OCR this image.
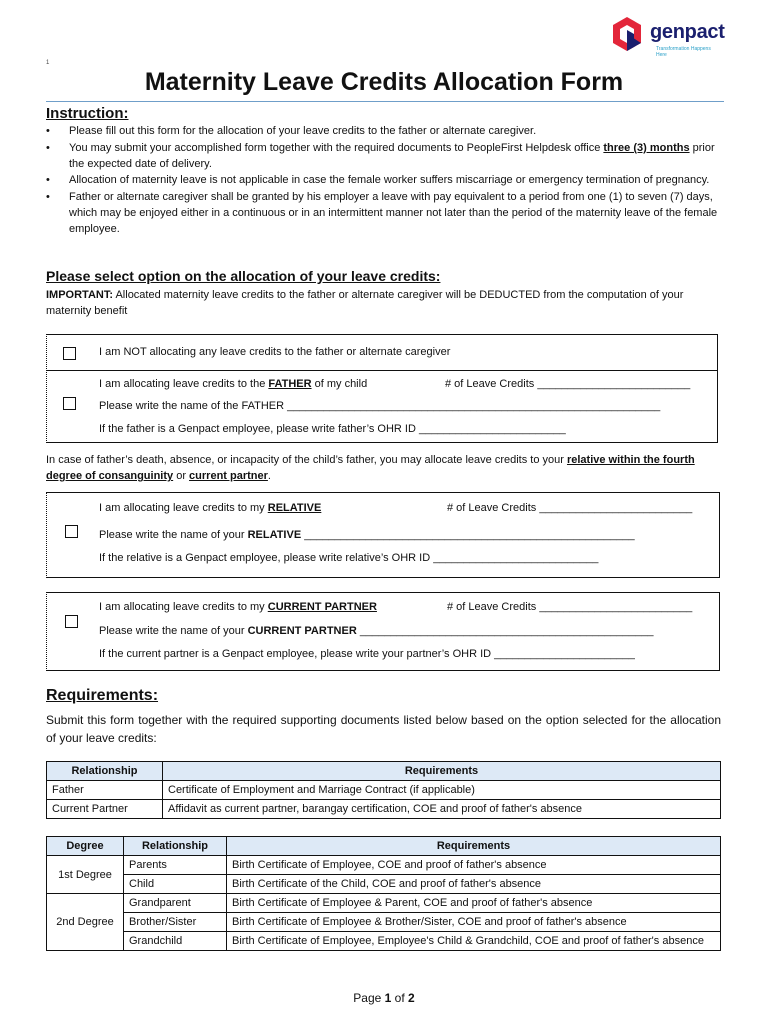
genpact
Transformation Happens Here
1
Maternity Leave Credits Allocation Form
Instruction:
• Please fill out this form for the allocation of your leave credits to the father or alternate caregiver.
• You may submit your accomplished form together with the required documents to PeopleFirst Helpdesk office three (3) months prior the expected date of delivery.
• Allocation of maternity leave is not applicable in case the female worker suffers miscarriage or emergency termination of pregnancy.
• Father or alternate caregiver shall be granted by his employer a leave with pay equivalent to a period from one (1) to seven (7) days, which may be enjoyed either in a continuous or in an intermittent manner not later than the period of the maternity leave of the female employee.
Please select option on the allocation of your leave credits:
IMPORTANT: Allocated maternity leave credits to the father or alternate caregiver will be DEDUCTED from the computation of your maternity benefit
I am NOT allocating any leave credits to the father or alternate caregiver
I am allocating leave credits to the FATHER of my child	# of Leave Credits _________________________
Please write the name of the FATHER _____________________________________________________________
If the father is a Genpact employee, please write father’s OHR ID ________________________
In case of father’s death, absence, or incapacity of the child’s father, you may allocate leave credits to your relative within the fourth degree of consanguinity or current partner.
I am allocating leave credits to my RELATIVE	# of Leave Credits _________________________
Please write the name of your RELATIVE ______________________________________________________
If the relative is a Genpact employee, please write relative’s OHR ID ___________________________
I am allocating leave credits to my CURRENT PARTNER	# of Leave Credits _________________________
Please write the name of your CURRENT PARTNER ________________________________________________
If the current partner is a Genpact employee, please write your partner’s OHR ID _______________________
Requirements:
Submit this form together with the required supporting documents listed below based on the option selected for the allocation of your leave credits:
Relationship	Requirements
Father	Certificate of Employment and Marriage Contract (if applicable)
Current Partner	Affidavit as current partner, barangay certification, COE and proof of father's absence
Degree	Relationship	Requirements
1st Degree	Parents	Birth Certificate of Employee, COE and proof of father's absence
	Child	Birth Certificate of the Child, COE and proof of father's absence
2nd Degree	Grandparent	Birth Certificate of Employee & Parent, COE and proof of father's absence
	Brother/Sister	Birth Certificate of Employee & Brother/Sister, COE and proof of father's absence
	Grandchild	Birth Certificate of Employee, Employee's Child & Grandchild, COE and proof of father's absence
Page 1 of 2
